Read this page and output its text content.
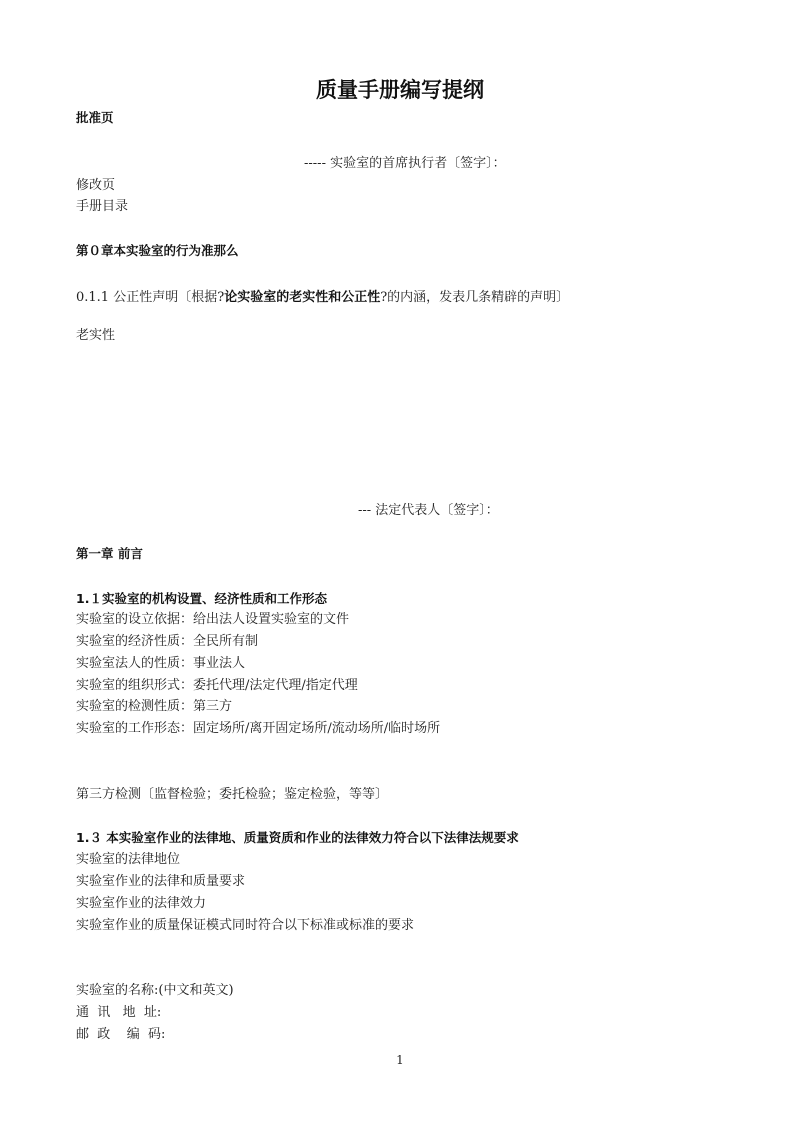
质量手册编写提纲

批准页

----- 实验室的首席执行者〔签字〕：

修改页

手册目录

第０章本实验室的行为准那么

0.1.1 公正性声明〔根据?论实验室的老实性和公正性?的内涵，发表几条精辟的声明〕

老实性

--- 法定代表人〔签字〕：

第一章 前言

1.１实验室的机构设置、经济性质和工作形态

实验室的设立依据：给出法人设置实验室的文件

实验室的经济性质：全民所有制

实验室法人的性质：事业法人

实验室的组织形式：委托代理/法定代理/指定代理

实验室的检测性质：第三方

实验室的工作形态：固定场所/离开固定场所/流动场所/临时场所

第三方检测〔监督检验；委托检验；鉴定检验，等等〕

1.３ 本实验室作业的法律地、质量资质和作业的法律效力符合以下法律法规要求

实验室的法律地位

实验室作业的法律和质量要求

实验室作业的法律效力

实验室作业的质量保证模式同时符合以下标准或标准的要求

实验室的名称:(中文和英文)

通  讯   地  址:

邮  政    编  码:

1
